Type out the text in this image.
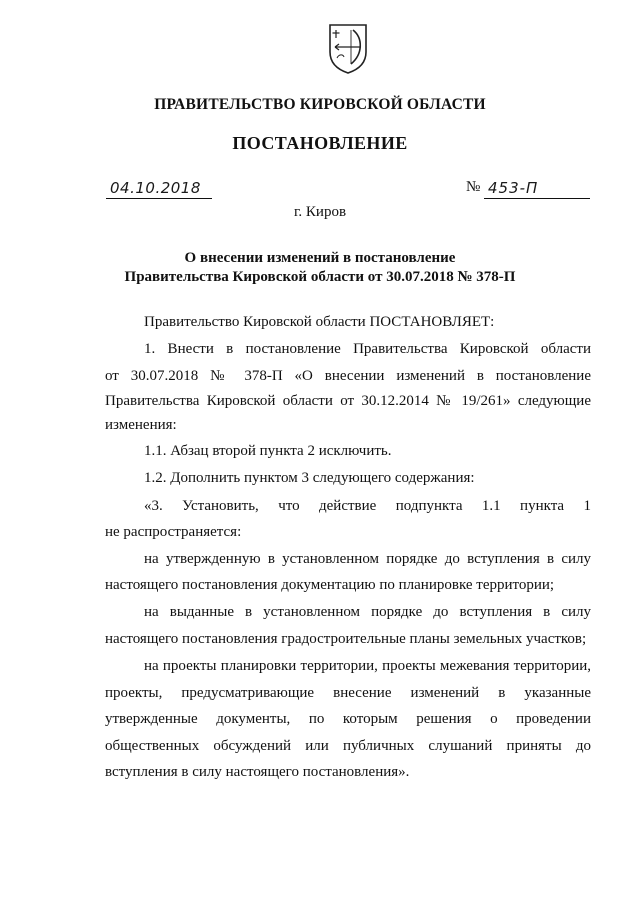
ПРАВИТЕЛЬСТВО КИРОВСКОЙ ОБЛАСТИ
ПОСТАНОВЛЕНИЕ
04.10.2018	№ 453-П
г. Киров
О внесении изменений в постановление
Правительства Кировской области от 30.07.2018 № 378-П
Правительство Кировской области ПОСТАНОВЛЯЕТ:
1. Внести в постановление Правительства Кировской области
от 30.07.2018 № 378-П «О внесении изменений в постановление
Правительства Кировской области от 30.12.2014 № 19/261» следующие
изменения:
1.1. Абзац второй пункта 2 исключить.
1.2. Дополнить пунктом 3 следующего содержания:
«3. Установить, что действие подпункта 1.1 пункта 1
не распространяется:
на утвержденную в установленном порядке до вступления в силу
настоящего постановления документацию по планировке территории;
на выданные в установленном порядке до вступления в силу
настоящего постановления градостроительные планы земельных участков;
на проекты планировки территории, проекты межевания территории,
проекты, предусматривающие внесение изменений в указанные
утвержденные документы, по которым решения о проведении
общественных обсуждений или публичных слушаний приняты до
вступления в силу настоящего постановления».
